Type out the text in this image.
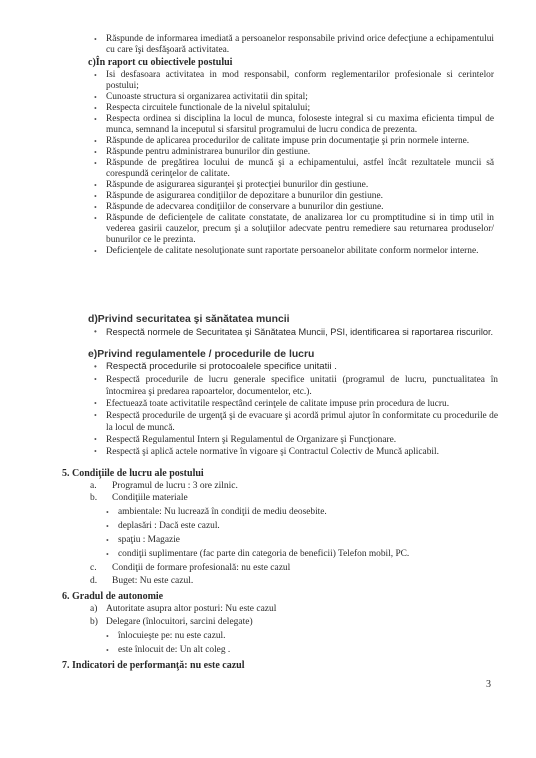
• Răspunde de informarea imediată a persoanelor responsabile privind orice defecţiune a echipamentului cu care îşi desfăşoară activitatea.

c)În raport cu obiectivele postului

• Isi desfasoara activitatea in mod responsabil, conform reglementarilor profesionale si cerintelor postului;
• Cunoaste structura si organizarea activitatii din spital;
• Respecta circuitele functionale de la nivelul spitalului;
• Respecta ordinea si disciplina la locul de munca, foloseste integral si cu maxima eficienta timpul de munca, semnand la inceputul si sfarsitul programului de lucru condica de prezenta.
• Răspunde de aplicarea procedurilor de calitate impuse prin documentaţie şi prin normele interne.
• Răspunde pentru administrarea bunurilor din gestiune.
• Răspunde de pregătirea locului de muncă şi a echipamentului, astfel încât rezultatele muncii să corespundă cerinţelor de calitate.
• Răspunde de asigurarea siguranţei şi protecţiei bunurilor din gestiune.
• Răspunde de asigurarea condiţiilor de depozitare a bunurilor din gestiune.
• Răspunde de adecvarea condiţiilor de conservare a bunurilor din gestiune.
• Răspunde de deficienţele de calitate constatate, de analizarea lor cu promptitudine si in timp util in vederea gasirii cauzelor, precum şi a soluţiilor adecvate pentru remediere sau returnarea produselor/ bunurilor ce le prezinta.
• Deficienţele de calitate nesoluţionate sunt raportate persoanelor abilitate conform normelor interne.

d)Privind securitatea şi sănătatea muncii

• Respectă normele de Securitatea şi Sănătatea Muncii, PSI, identificarea si raportarea riscurilor.

e)Privind regulamentele / procedurile de lucru

• Respectă procedurile si protocoalele specifice unitatii .
• Respectă procedurile de lucru generale specifice unitatii (programul de lucru, punctualitatea în întocmirea şi predarea rapoartelor, documentelor, etc.).
• Efectuează toate activitatile respectând cerinţele de calitate impuse prin procedura de lucru.
• Respectă procedurile de urgenţă şi de evacuare şi acordă primul ajutor în conformitate cu procedurile de la locul de muncă.
• Respectă Regulamentul Intern şi Regulamentul de Organizare şi Funcţionare.
• Respectă şi aplică actele normative în vigoare şi Contractul Colectiv de Muncă aplicabil.

5. Condiţiile de lucru ale postului

a. Programul de lucru : 3 ore zilnic.
b. Condiţiile materiale
• ambientale: Nu lucrează în condiţii de mediu deosebite.
• deplasări : Dacă este cazul.
• spaţiu : Magazie
• condiţii suplimentare (fac parte din categoria de beneficii) Telefon mobil, PC.
c. Condiţii de formare profesională: nu este cazul
d. Buget: Nu este cazul.

6. Gradul de autonomie

a) Autoritate asupra altor posturi: Nu este cazul
b) Delegare (înlocuitori, sarcini delegate)
• înlocuieşte pe: nu este cazul.
• este înlocuit de: Un alt coleg .

7. Indicatori de performanţă: nu este cazul

3
